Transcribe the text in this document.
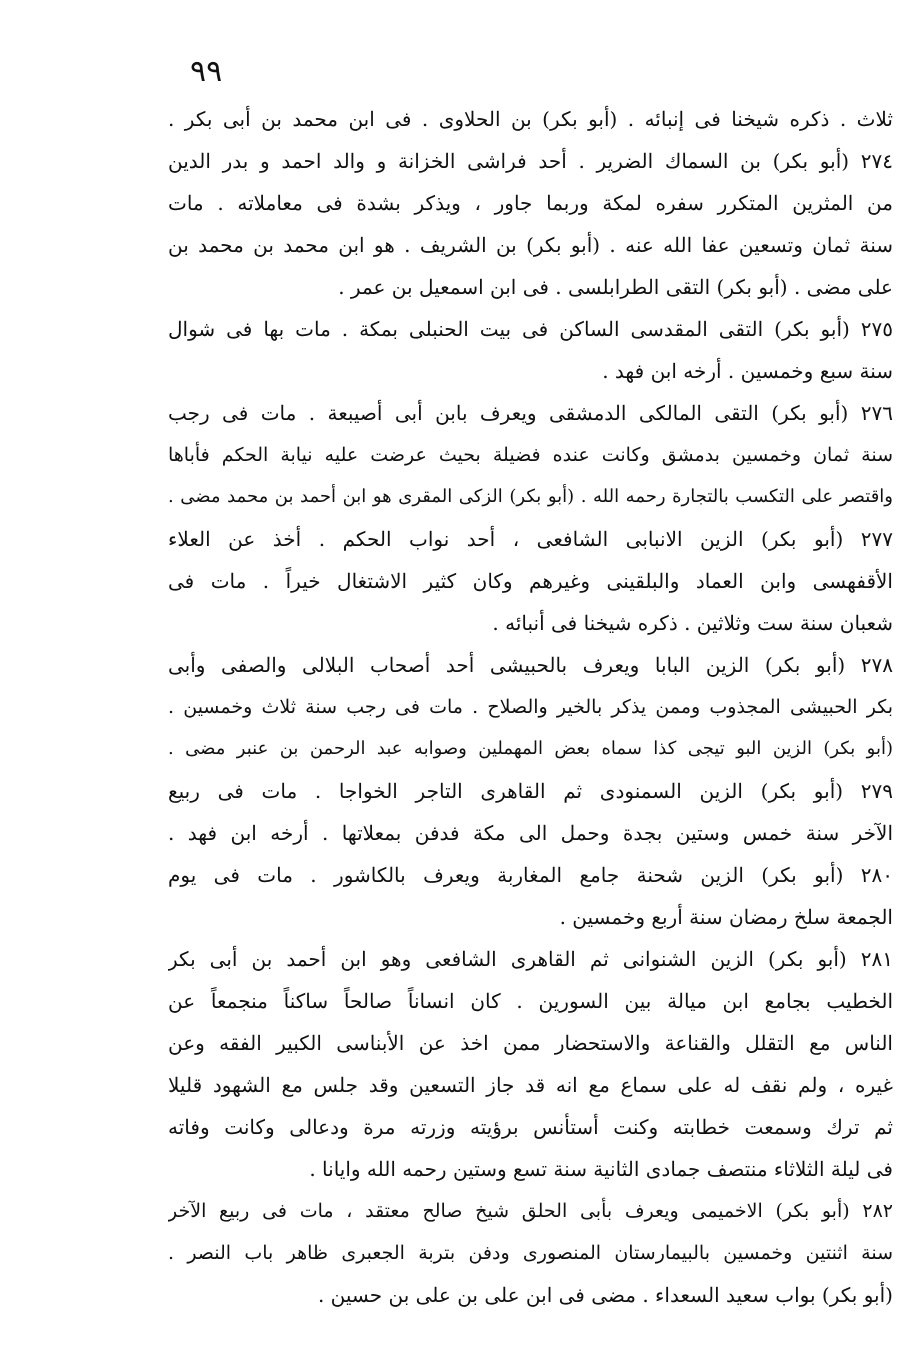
٩٩
ثلاث . ذكره شيخنا فى إنبائه . (أبو بكر) بن الحلاوى . فى ابن محمد بن أبى بكر .
٢٧٤ (أبو بكر) بن السماك الضرير . أحد فراشى الخزانة و والد احمد و بدر الدين
من المثرين المتكرر سفره لمكة وربما جاور ، ويذكر بشدة فى معاملاته . مات
سنة ثمان وتسعين عفا الله عنه . (أبو بكر) بن الشريف . هو ابن محمد بن محمد بن
على مضى . (أبو بكر) التقى الطرابلسى . فى ابن اسمعيل بن عمر .
٢٧٥ (أبو بكر) التقى المقدسى الساكن فى بيت الحنبلى بمكة . مات بها فى شوال
سنة سبع وخمسين . أرخه ابن فهد .
٢٧٦ (أبو بكر) التقى المالكى الدمشقى ويعرف بابن أبى أصيبعة . مات فى رجب
سنة ثمان وخمسين بدمشق وكانت عنده فضيلة بحيث عرضت عليه نيابة الحكم فأباها
واقتصر على التكسب بالتجارة رحمه الله . (أبو بكر) الزكى المقرى هو ابن أحمد بن محمد مضى .
٢٧٧ (أبو بكر) الزين الانبابى الشافعى ، أحد نواب الحكم . أخذ عن العلاء
الأقفهسى وابن العماد والبلقينى وغيرهم وكان كثير الاشتغال خيراً . مات فى
شعبان سنة ست وثلاثين . ذكره شيخنا فى أنبائه .
٢٧٨ (أبو بكر) الزين البابا ويعرف بالحبيشى أحد أصحاب البلالى والصفى وأبى
بكر الحبيشى المجذوب وممن يذكر بالخير والصلاح . مات فى رجب سنة ثلاث وخمسين .
(أبو بكر) الزين البو تيجى كذا سماه بعض المهملين وصوابه عبد الرحمن بن عنبر مضى .
٢٧٩ (أبو بكر) الزين السمنودى ثم القاهرى التاجر الخواجا . مات فى ربيع
الآخر سنة خمس وستين بجدة وحمل الى مكة فدفن بمعلاتها . أرخه ابن فهد .
٢٨٠ (أبو بكر) الزين شحنة جامع المغاربة ويعرف بالكاشور . مات فى يوم
الجمعة سلخ رمضان سنة أربع وخمسين .
٢٨١ (أبو بكر) الزين الشنوانى ثم القاهرى الشافعى وهو ابن أحمد بن أبى بكر
الخطيب بجامع ابن ميالة بين السورين . كان انساناً صالحاً ساكناً منجمعاً عن
الناس مع التقلل والقناعة والاستحضار ممن اخذ عن الأبناسى الكبير الفقه وعن
غيره ، ولم نقف له على سماع مع انه قد جاز التسعين وقد جلس مع الشهود قليلا
ثم ترك وسمعت خطابته وكنت أستأنس برؤيته وزرته مرة ودعالى وكانت وفاته
فى ليلة الثلاثاء منتصف جمادى الثانية سنة تسع وستين رحمه الله وايانا .
٢٨٢ (أبو بكر) الاخميمى ويعرف بأبى الحلق شيخ صالح معتقد ، مات فى ربيع الآخر
سنة اثنتين وخمسين بالبيمارستان المنصورى ودفن بتربة الجعبرى ظاهر باب النصر .
(أبو بكر) بواب سعيد السعداء . مضى فى ابن على بن على بن حسين .
